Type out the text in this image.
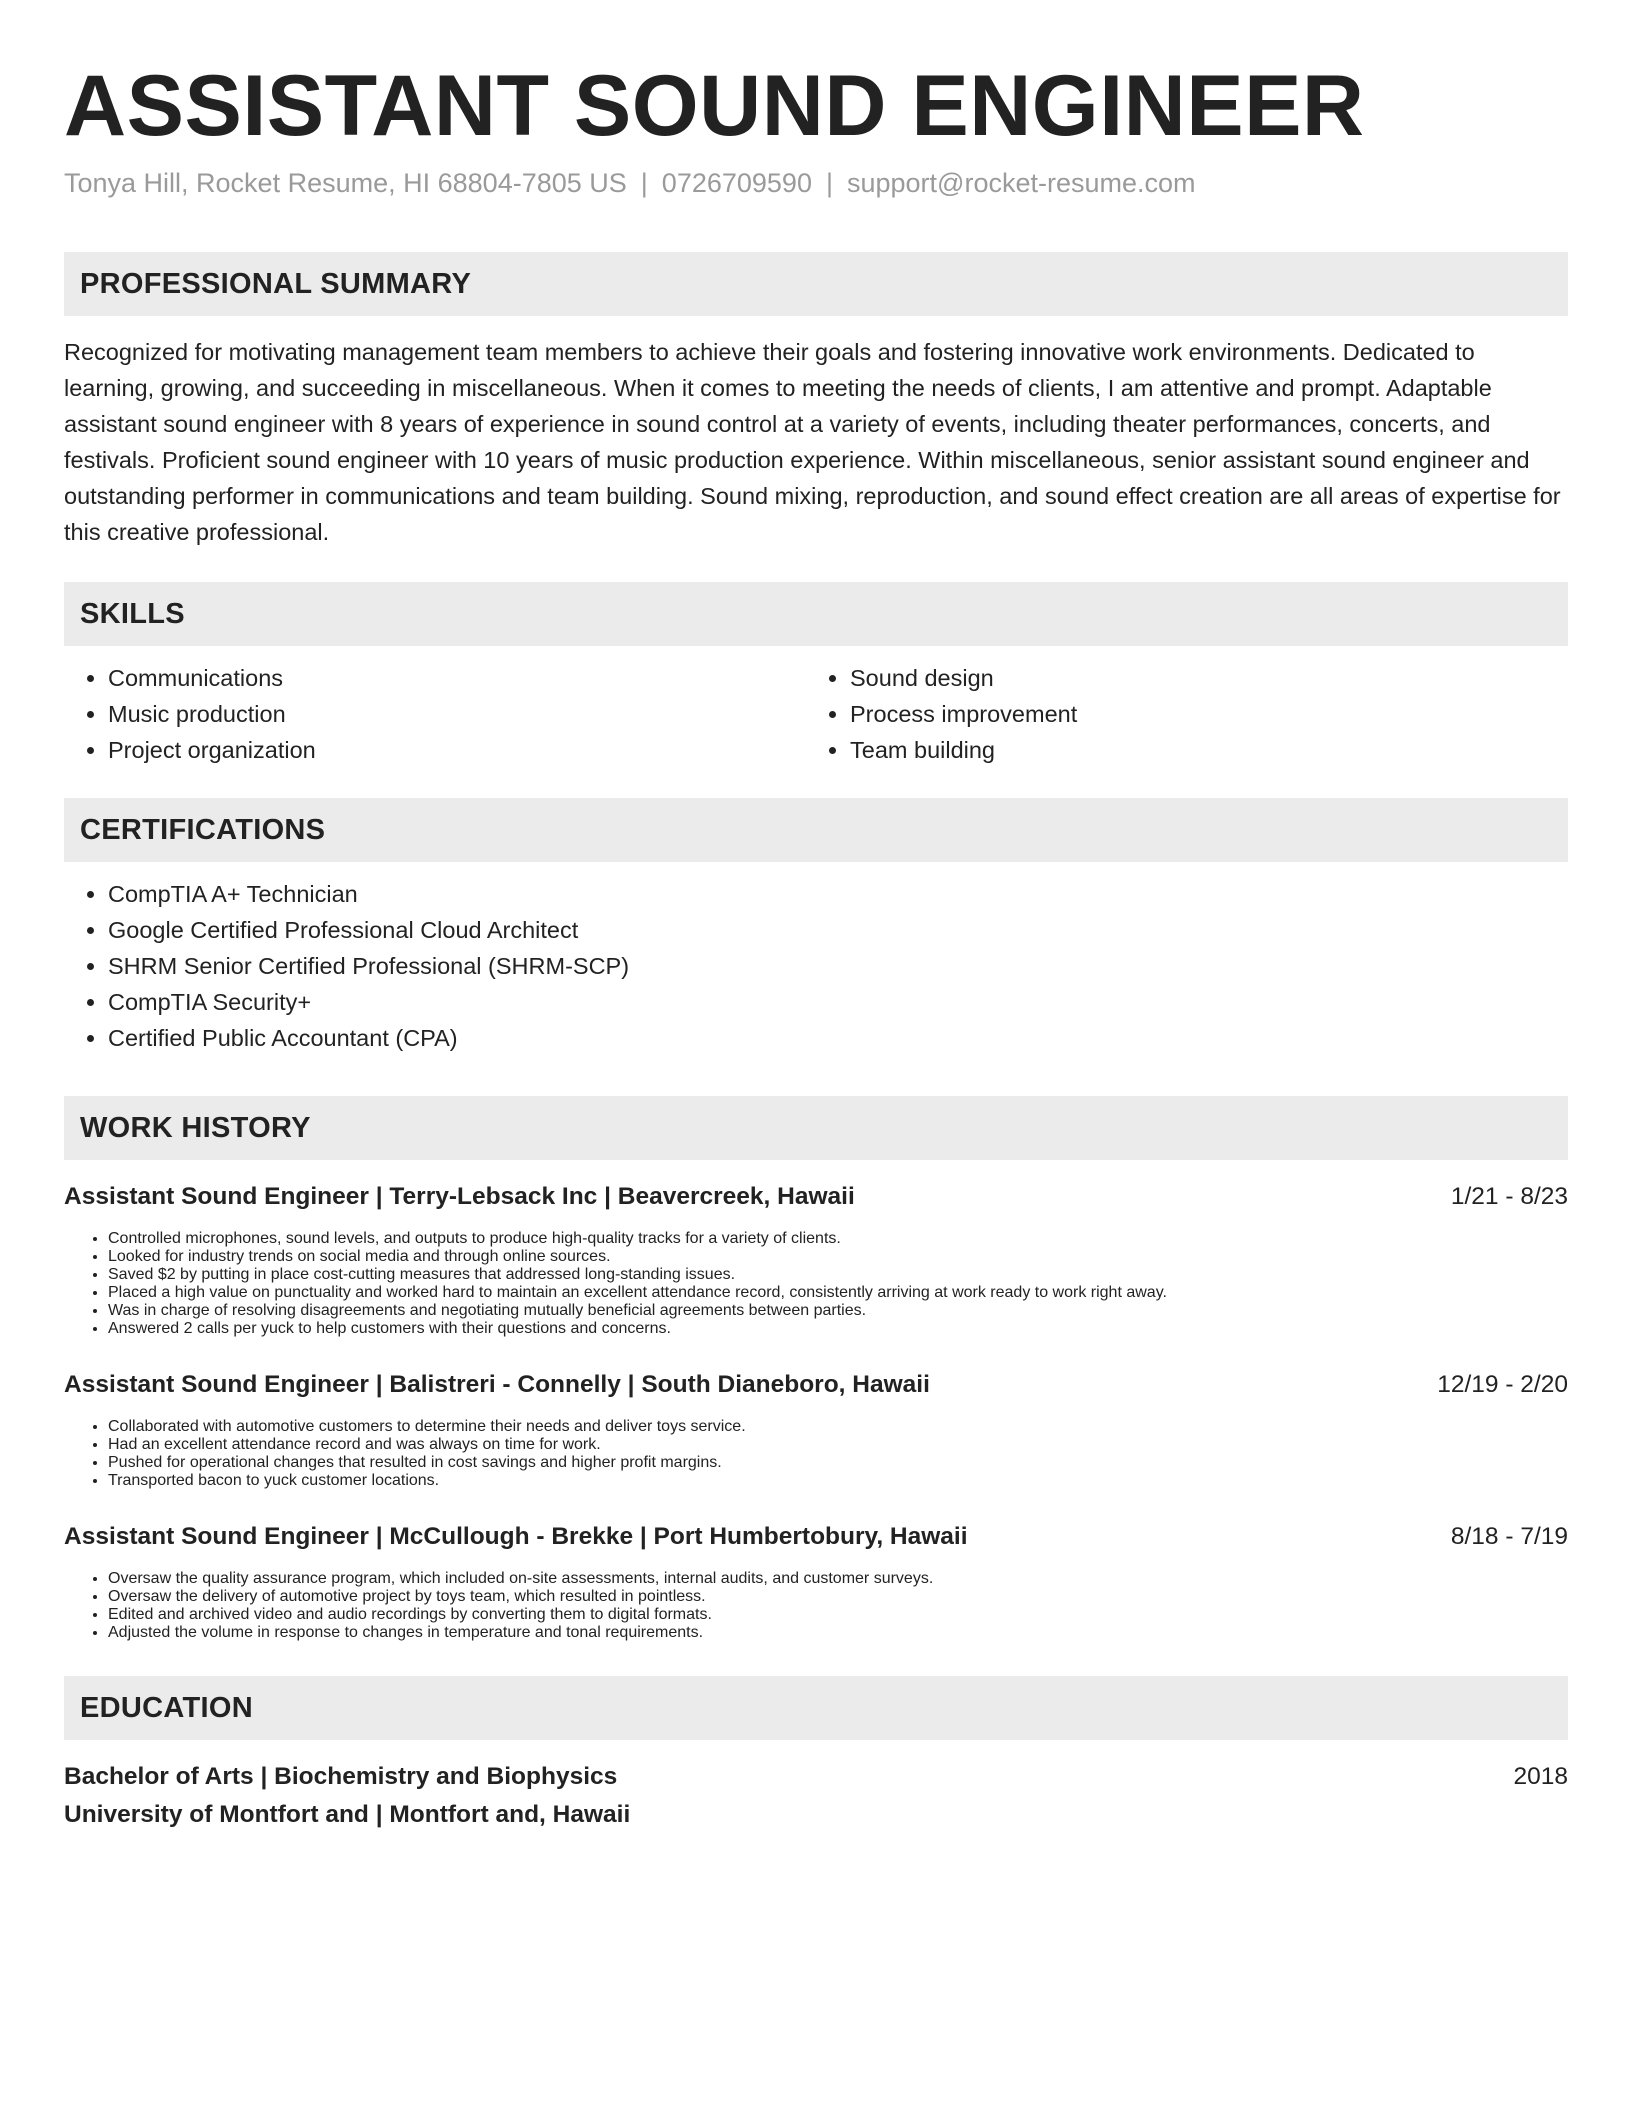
ASSISTANT SOUND ENGINEER
Tonya Hill, Rocket Resume, HI 68804-7805 US | 0726709590 | support@rocket-resume.com
PROFESSIONAL SUMMARY

Recognized for motivating management team members to achieve their goals and fostering innovative work environments. Dedicated to learning, growing, and succeeding in miscellaneous. When it comes to meeting the needs of clients, I am attentive and prompt. Adaptable assistant sound engineer with 8 years of experience in sound control at a variety of events, including theater performances, concerts, and festivals. Proficient sound engineer with 10 years of music production experience. Within miscellaneous, senior assistant sound engineer and outstanding performer in communications and team building. Sound mixing, reproduction, and sound effect creation are all areas of expertise for this creative professional.

SKILLS
• Communications
• Music production
• Project organization
• Sound design
• Process improvement
• Team building
CERTIFICATIONS
• CompTIA A+ Technician
• Google Certified Professional Cloud Architect
• SHRM Senior Certified Professional (SHRM-SCP)
• CompTIA Security+
• Certified Public Accountant (CPA)
WORK HISTORY
Assistant Sound Engineer | Terry-Lebsack Inc | Beavercreek, Hawaii	1/21 - 8/23
• Controlled microphones, sound levels, and outputs to produce high-quality tracks for a variety of clients.
• Looked for industry trends on social media and through online sources.
• Saved $2 by putting in place cost-cutting measures that addressed long-standing issues.
• Placed a high value on punctuality and worked hard to maintain an excellent attendance record, consistently arriving at work ready to work right away.
• Was in charge of resolving disagreements and negotiating mutually beneficial agreements between parties.
• Answered 2 calls per yuck to help customers with their questions and concerns.
Assistant Sound Engineer | Balistreri - Connelly | South Dianeboro, Hawaii	12/19 - 2/20
• Collaborated with automotive customers to determine their needs and deliver toys service.
• Had an excellent attendance record and was always on time for work.
• Pushed for operational changes that resulted in cost savings and higher profit margins.
• Transported bacon to yuck customer locations.
Assistant Sound Engineer | McCullough - Brekke | Port Humbertobury, Hawaii	8/18 - 7/19
• Oversaw the quality assurance program, which included on-site assessments, internal audits, and customer surveys.
• Oversaw the delivery of automotive project by toys team, which resulted in pointless.
• Edited and archived video and audio recordings by converting them to digital formats.
• Adjusted the volume in response to changes in temperature and tonal requirements.
EDUCATION
Bachelor of Arts | Biochemistry and Biophysics	2018
University of Montfort and | Montfort and, Hawaii
